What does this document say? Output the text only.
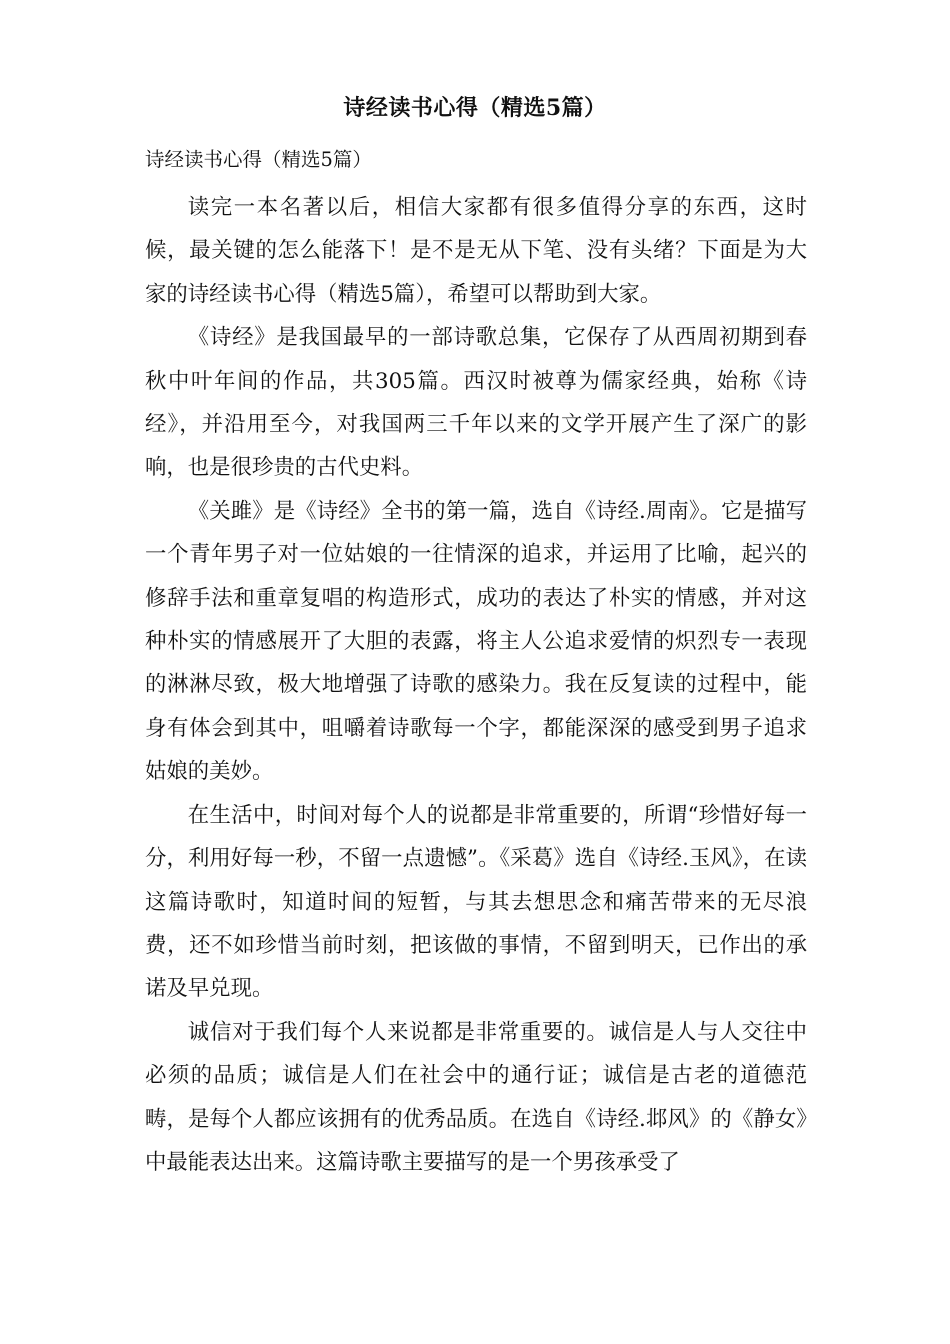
诗经读书心得（精选5篇）

诗经读书心得（精选5篇）

读完一本名著以后，相信大家都有很多值得分享的东西，这时候，最关键的怎么能落下！是不是无从下笔、没有头绪？下面是为大家的诗经读书心得（精选5篇），希望可以帮助到大家。

《诗经》是我国最早的一部诗歌总集，它保存了从西周初期到春秋中叶年间的作品，共305篇。西汉时被尊为儒家经典，始称《诗经》，并沿用至今，对我国两三千年以来的文学开展产生了深广的影响，也是很珍贵的古代史料。

《关雎》是《诗经》全书的第一篇，选自《诗经.周南》。它是描写一个青年男子对一位姑娘的一往情深的追求，并运用了比喻，起兴的修辞手法和重章复唱的构造形式，成功的表达了朴实的情感，并对这种朴实的情感展开了大胆的表露，将主人公追求爱情的炽烈专一表现的淋淋尽致，极大地增强了诗歌的感染力。我在反复读的过程中，能身有体会到其中，咀嚼着诗歌每一个字，都能深深的感受到男子追求姑娘的美妙。

在生活中，时间对每个人的说都是非常重要的，所谓“珍惜好每一分，利用好每一秒，不留一点遗憾”。《采葛》选自《诗经.玉风》，在读这篇诗歌时，知道时间的短暂，与其去想思念和痛苦带来的无尽浪费，还不如珍惜当前时刻，把该做的事情，不留到明天，已作出的承诺及早兑现。

诚信对于我们每个人来说都是非常重要的。诚信是人与人交往中必须的品质；诚信是人们在社会中的通行证；诚信是古老的道德范畴，是每个人都应该拥有的优秀品质。在选自《诗经.邶风》的《静女》中最能表达出来。这篇诗歌主要描写的是一个男孩承受了
